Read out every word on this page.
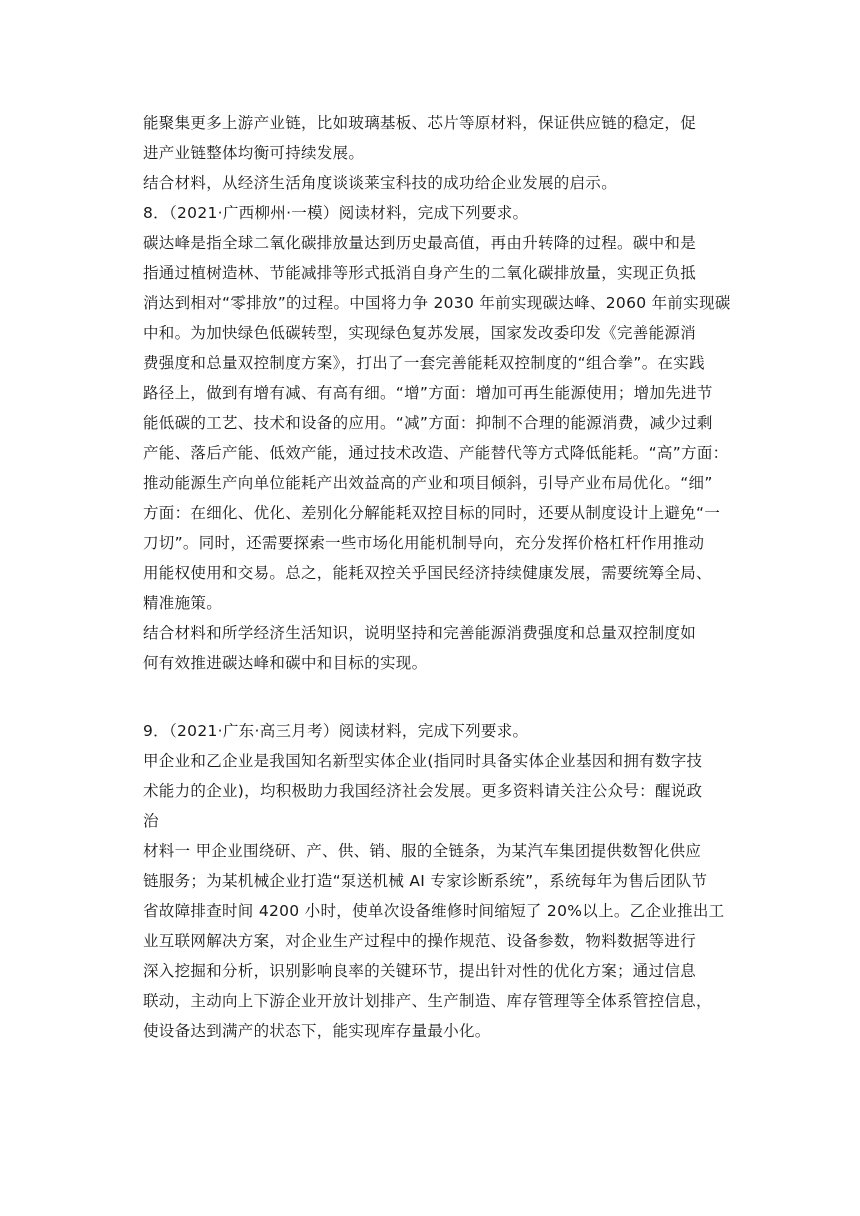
能聚集更多上游产业链，比如玻璃基板、芯片等原材料，保证供应链的稳定，促
进产业链整体均衡可持续发展。
结合材料，从经济生活角度谈谈莱宝科技的成功给企业发展的启示。
8．（2021·广西柳州·一模）阅读材料，完成下列要求。
碳达峰是指全球二氧化碳排放量达到历史最高值，再由升转降的过程。碳中和是
指通过植树造林、节能减排等形式抵消自身产生的二氧化碳排放量，实现正负抵
消达到相对“零排放”的过程。中国将力争 2030 年前实现碳达峰、2060 年前实现碳
中和。为加快绿色低碳转型，实现绿色复苏发展，国家发改委印发《完善能源消
费强度和总量双控制度方案》，打出了一套完善能耗双控制度的“组合拳”。在实践
路径上，做到有增有减、有高有细。“增”方面：增加可再生能源使用；增加先进节
能低碳的工艺、技术和设备的应用。“减”方面：抑制不合理的能源消费，减少过剩
产能、落后产能、低效产能，通过技术改造、产能替代等方式降低能耗。“高”方面：
推动能源生产向单位能耗产出效益高的产业和项目倾斜，引导产业布局优化。“细”
方面：在细化、优化、差别化分解能耗双控目标的同时，还要从制度设计上避免“一
刀切”。同时，还需要探索一些市场化用能机制导向，充分发挥价格杠杆作用推动
用能权使用和交易。总之，能耗双控关乎国民经济持续健康发展，需要统筹全局、
精准施策。
结合材料和所学经济生活知识，说明坚持和完善能源消费强度和总量双控制度如
何有效推进碳达峰和碳中和目标的实现。
9．（2021·广东·高三月考）阅读材料，完成下列要求。
甲企业和乙企业是我国知名新型实体企业(指同时具备实体企业基因和拥有数字技
术能力的企业)，均积极助力我国经济社会发展。更多资料请关注公众号：醒说政
治
材料一 甲企业围绕研、产、供、销、服的全链条，为某汽车集团提供数智化供应
链服务；为某机械企业打造“泵送机械 AI 专家诊断系统”，系统每年为售后团队节
省故障排查时间 4200 小时，使单次设备维修时间缩短了 20%以上。乙企业推出工
业互联网解决方案，对企业生产过程中的操作规范、设备参数，物料数据等进行
深入挖掘和分析，识别影响良率的关键环节，提出针对性的优化方案；通过信息
联动，主动向上下游企业开放计划排产、生产制造、库存管理等全体系管控信息，
使设备达到满产的状态下，能实现库存量最小化。
